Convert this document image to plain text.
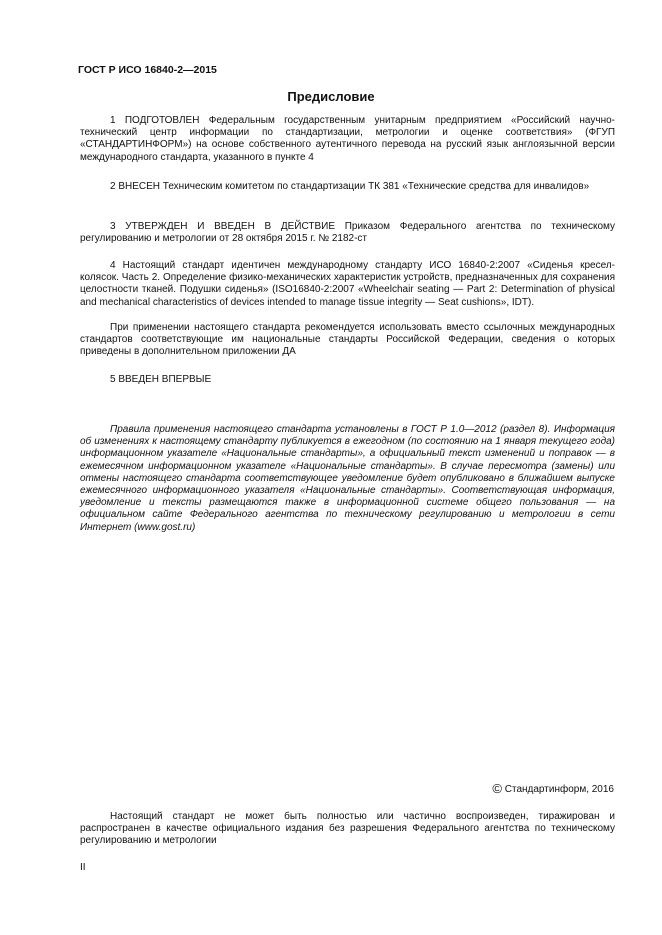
ГОСТ Р ИСО 16840-2—2015
Предисловие
1 ПОДГОТОВЛЕН Федеральным государственным унитарным предприятием «Российский научно-технический центр информации по стандартизации, метрологии и оценке соответствия» (ФГУП «СТАНДАРТИНФОРМ») на основе собственного аутентичного перевода на русский язык англоязычной версии международного стандарта, указанного в пункте 4
2 ВНЕСЕН Техническим комитетом по стандартизации ТК 381 «Технические средства для инвалидов»
3 УТВЕРЖДЕН И ВВЕДЕН В ДЕЙСТВИЕ Приказом Федерального агентства по техническому регулированию и метрологии от 28 октября 2015 г. № 2182-ст
4 Настоящий стандарт идентичен международному стандарту ИСО 16840-2:2007 «Сиденья кресел-колясок. Часть 2. Определение физико-механических характеристик устройств, предназначенных для сохранения целостности тканей. Подушки сиденья» (ISO16840-2:2007 «Wheelchair seating — Part 2: Determination of physical and mechanical characteristics of devices intended to manage tissue integrity — Seat cushions», IDT).
При применении настоящего стандарта рекомендуется использовать вместо ссылочных международных стандартов соответствующие им национальные стандарты Российской Федерации, сведения о которых приведены в дополнительном приложении ДА
5 ВВЕДЕН ВПЕРВЫЕ
Правила применения настоящего стандарта установлены в ГОСТ Р 1.0—2012 (раздел 8). Информация об изменениях к настоящему стандарту публикуется в ежегодном (по состоянию на 1 января текущего года) информационном указателе «Национальные стандарты», а официальный текст изменений и поправок — в ежемесячном информационном указателе «Национальные стандарты». В случае пересмотра (замены) или отмены настоящего стандарта соответствующее уведомление будет опубликовано в ближайшем выпуске ежемесячного информационного указателя «Национальные стандарты». Соответствующая информация, уведомление и тексты размещаются также в информационной системе общего пользования — на официальном сайте Федерального агентства по техническому регулированию и метрологии в сети Интернет (www.gost.ru)
© Стандартинформ, 2016
Настоящий стандарт не может быть полностью или частично воспроизведен, тиражирован и распространен в качестве официального издания без разрешения Федерального агентства по техническому регулированию и метрологии
II
